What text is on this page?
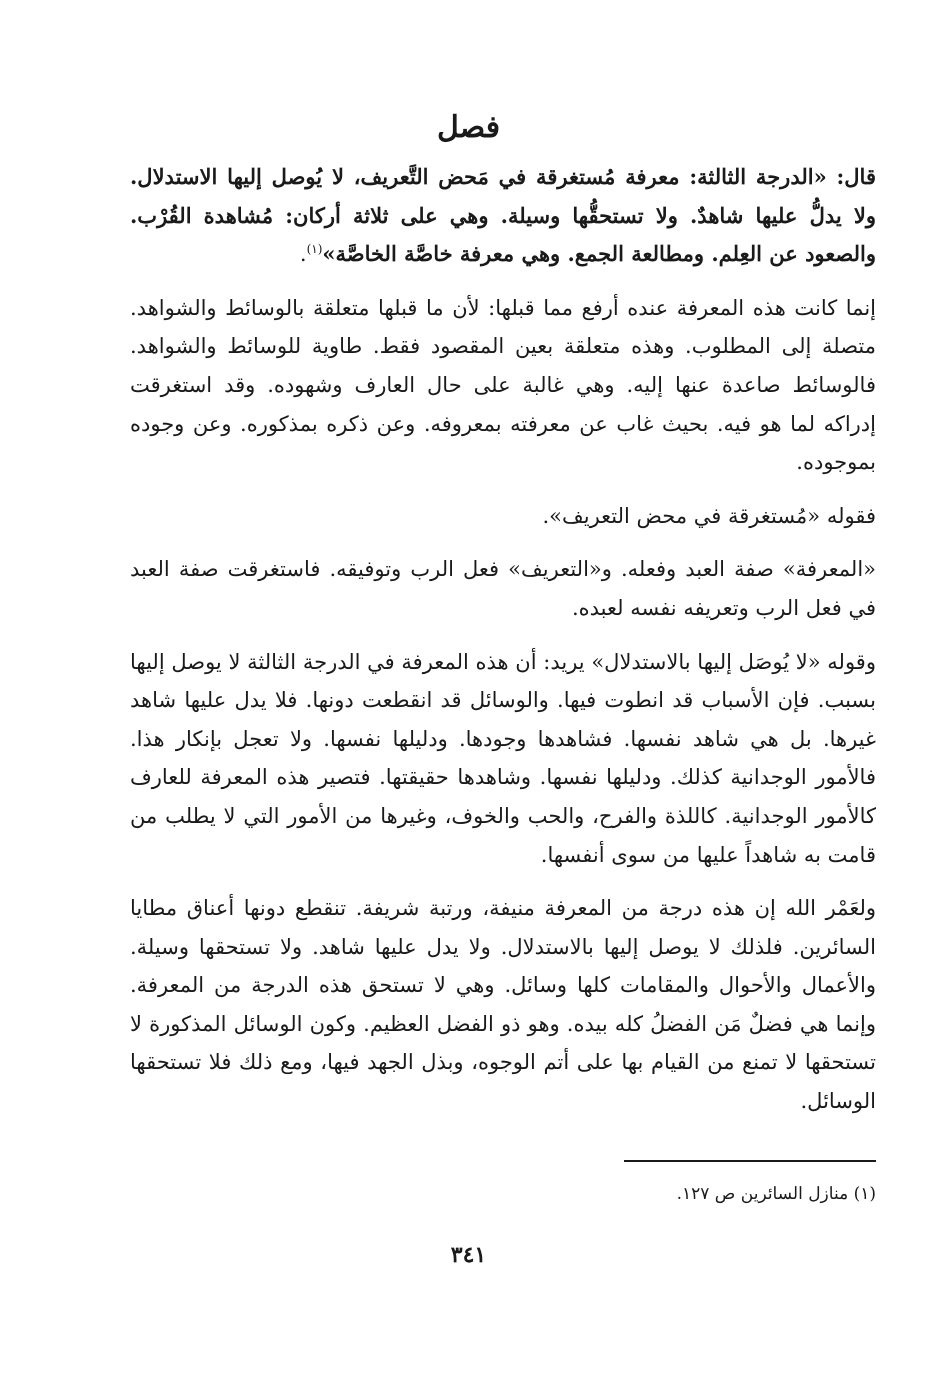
فصل

قال: «الدرجة الثالثة: معرفة مُستغرقة في مَحض التَّعريف، لا يُوصل إليها الاستدلال. ولا يدلُّ عليها شاهدٌ. ولا تستحقُّها وسيلة. وهي على ثلاثة أركان: مُشاهدة القُرْب. والصعود عن العِلم. ومطالعة الجمع. وهي معرفة خاصَّة الخاصَّة»$^{(١)}$.

إنما كانت هذه المعرفة عنده أرفع مما قبلها: لأن ما قبلها متعلقة بالوسائط والشواهد. متصلة إلى المطلوب. وهذه متعلقة بعين المقصود فقط. طاوية للوسائط والشواهد. فالوسائط صاعدة عنها إليه. وهي غالبة على حال العارف وشهوده. وقد استغرقت إدراكه لما هو فيه. بحيث غاب عن معرفته بمعروفه. وعن ذكره بمذكوره. وعن وجوده بموجوده.

فقوله «مُستغرقة في محض التعريف».

«المعرفة» صفة العبد وفعله. و«التعريف» فعل الرب وتوفيقه. فاستغرقت صفة العبد في فعل الرب وتعريفه نفسه لعبده.

وقوله «لا يُوصَل إليها بالاستدلال» يريد: أن هذه المعرفة في الدرجة الثالثة لا يوصل إليها بسبب. فإن الأسباب قد انطوت فيها. والوسائل قد انقطعت دونها. فلا يدل عليها شاهد غيرها. بل هي شاهد نفسها. فشاهدها وجودها. ودليلها نفسها. ولا تعجل بإنكار هذا. فالأمور الوجدانية كذلك. ودليلها نفسها. وشاهدها حقيقتها. فتصير هذه المعرفة للعارف كالأمور الوجدانية. كاللذة والفرح، والحب والخوف، وغيرها من الأمور التي لا يطلب من قامت به شاهداً عليها من سوى أنفسها.

ولعَمْر الله إن هذه درجة من المعرفة منيفة، ورتبة شريفة. تنقطع دونها أعناق مطايا السائرين. فلذلك لا يوصل إليها بالاستدلال. ولا يدل عليها شاهد. ولا تستحقها وسيلة. والأعمال والأحوال والمقامات كلها وسائل. وهي لا تستحق هذه الدرجة من المعرفة. وإنما هي فضلٌ مَن الفضلُ كله بيده. وهو ذو الفضل العظيم. وكون الوسائل المذكورة لا تستحقها لا تمنع من القيام بها على أتم الوجوه، وبذل الجهد فيها، ومع ذلك فلا تستحقها الوسائل.

(١) منازل السائرين ص ١٢٧.
٣٤١
